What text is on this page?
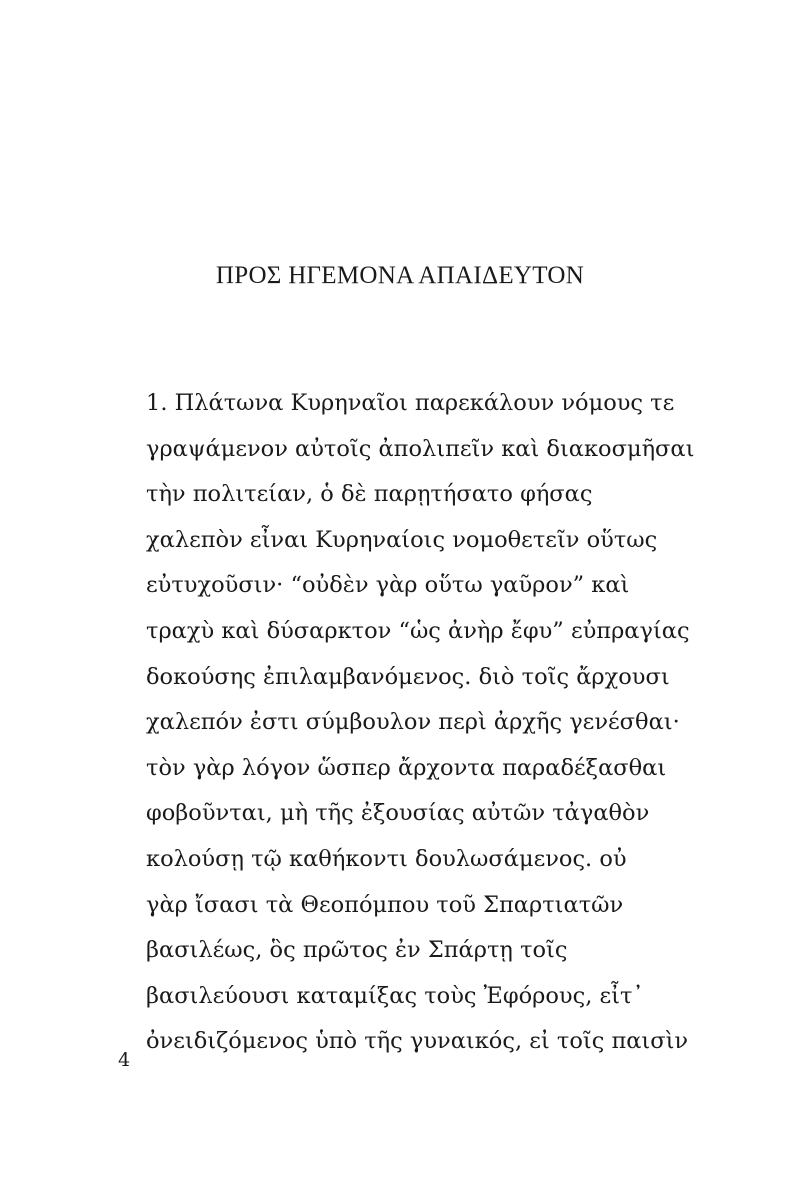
ΠΡΟΣ ΗΓΕΜΟΝΑ ΑΠΑΙΔΕΥΤΟΝ
1. Πλάτωνα Κυρηναῖοι παρεκάλουν νόμους τε
γραψάμενον αὐτοῖς ἀπολιπεῖν καὶ διακοσμῆσαι
τὴν πολιτείαν, ὁ δὲ παρῃτήσατο φήσας
χαλεπὸν εἶναι Κυρηναίοις νομοθετεῖν οὕτως
εὐτυχοῦσιν· “οὐδὲν γὰρ οὕτω γαῦρον” καὶ
τραχὺ καὶ δύσαρκτον “ὡς ἀνὴρ ἔφυ” εὐπραγίας
δοκούσης ἐπιλαμβανόμενος. διὸ τοῖς ἄρχουσι
χαλεπόν ἐστι σύμβουλον περὶ ἀρχῆς γενέσθαι·
τὸν γὰρ λόγον ὥσπερ ἄρχοντα παραδέξασθαι
φοβοῦνται, μὴ τῆς ἐξουσίας αὐτῶν τἀγαθὸν
κολούσῃ τῷ καθήκοντι δουλωσάμενος. οὐ
γὰρ ἴσασι τὰ Θεοπόμπου τοῦ Σπαρτιατῶν
βασιλέως, ὃς πρῶτος ἐν Σπάρτῃ τοῖς
βασιλεύουσι καταμίξας τοὺς Ἐφόρους, εἶτ᾽
ὀνειδιζόμενος ὑπὸ τῆς γυναικός, εἰ τοῖς παισὶν
4
